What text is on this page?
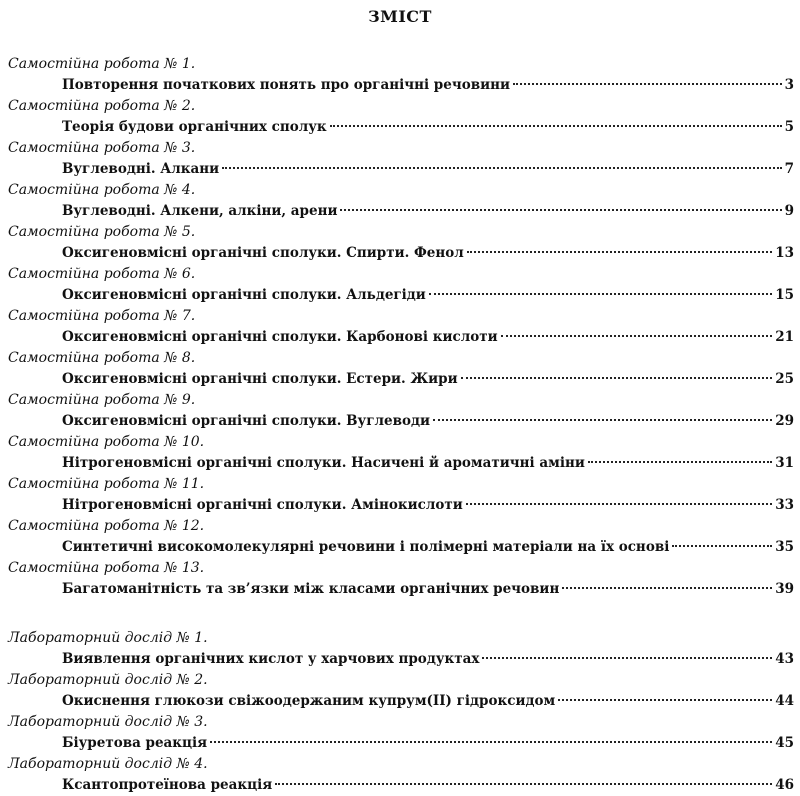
ЗМІСТ
Самостійна робота № 1.
Повторення початкових понять про органічні речовини	3
Самостійна робота № 2.
Теорія будови органічних сполук	5
Самостійна робота № 3.
Вуглеводні. Алкани	7
Самостійна робота № 4.
Вуглеводні. Алкени, алкіни, арени	9
Самостійна робота № 5.
Оксигеновмісні органічні сполуки. Спирти. Фенол	13
Самостійна робота № 6.
Оксигеновмісні органічні сполуки. Альдегіди	15
Самостійна робота № 7.
Оксигеновмісні органічні сполуки. Карбонові кислоти	21
Самостійна робота № 8.
Оксигеновмісні органічні сполуки. Естери. Жири	25
Самостійна робота № 9.
Оксигеновмісні органічні сполуки. Вуглеводи	29
Самостійна робота № 10.
Нітрогеновмісні органічні сполуки. Насичені й ароматичні аміни	31
Самостійна робота № 11.
Нітрогеновмісні органічні сполуки. Амінокислоти	33
Самостійна робота № 12.
Синтетичні високомолекулярні речовини і полімерні матеріали на їх основі	35
Самостійна робота № 13.
Багатоманітність та зв’язки між класами органічних речовин	39
Лабораторний дослід № 1.
Виявлення органічних кислот у харчових продуктах	43
Лабораторний дослід № 2.
Окиснення глюкози свіжоодержаним купрум(II) гідроксидом	44
Лабораторний дослід № 3.
Біуретова реакція	45
Лабораторний дослід № 4.
Ксантопротеїнова реакція	46
